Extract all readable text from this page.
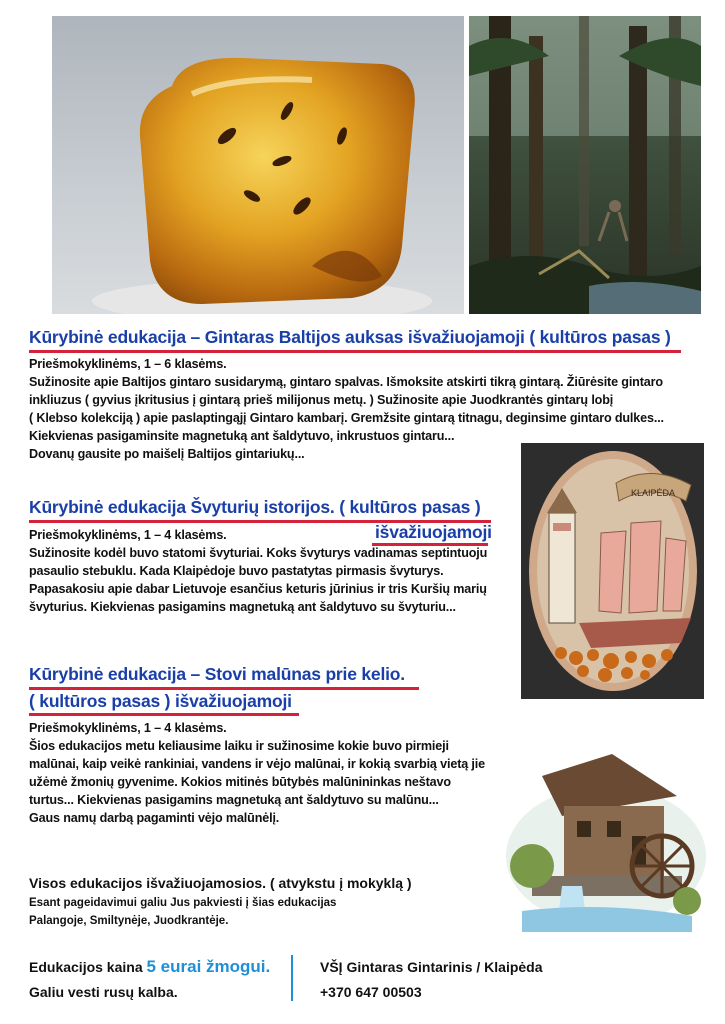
Kūrybinė edukacija – Gintaras Baltijos auksas išvažiuojamoji ( kultūros pasas )

Priešmokyklinėms, 1 – 6 klasėms.

Sužinosite apie Baltijos gintaro susidarymą, gintaro spalvas. Išmoksite atskirti tikrą gintarą. Žiūrėsite gintaro

inkliuzus ( gyvius įkritusius į gintarą prieš milijonus metų. ) Sužinosite apie Juodkrantės gintarų lobį

( Klebso kolekciją ) apie paslaptingąjį Gintaro kambarį. Gremžsite gintarą titnagu, deginsime gintaro dulkes...

Kiekvienas pasigaminsite magnetuką ant šaldytuvo, inkrustuos gintaru...

Dovanų gausite po maišelį Baltijos gintariukų...

KLAIPĖDA
Kūrybinė edukacija Švyturių istorijos. ( kultūros pasas )
išvažiuojamoji

Priešmokyklinėms, 1 – 4 klasėms.

Sužinosite kodėl buvo statomi švyturiai. Koks švyturys vadinamas septintuoju

pasaulio stebuklu. Kada Klaipėdoje buvo pastatytas pirmasis švyturys.

Papasakosiu apie dabar Lietuvoje esančius keturis jūrinius ir tris Kuršių marių

švyturius. Kiekvienas pasigamins magnetuką ant šaldytuvo su švyturiu...

Kūrybinė edukacija – Stovi malūnas prie kelio.
( kultūros pasas ) išvažiuojamoji

Priešmokyklinėms, 1 – 4 klasėms.

Šios edukacijos metu keliausime laiku ir sužinosime kokie buvo pirmieji

malūnai, kaip veikė rankiniai, vandens ir vėjo malūnai, ir kokią svarbią vietą jie

užėmė žmonių gyvenime. Kokios mitinės būtybės malūnininkas neštavo

turtus... Kiekvienas pasigamins magnetuką ant šaldytuvo su malūnu...

Gaus namų darbą pagaminti vėjo malūnėlį.

Visos edukacijos išvažiuojamosios. ( atvykstu į mokyklą )
Esant pageidavimui galiu Jus pakviesti į šias edukacijas
Palangoje, Smiltynėje, Juodkrantėje.
Edukacijos kaina 5 eurai žmogui.
Galiu vesti rusų kalba.
VŠĮ Gintaras Gintarinis / Klaipėda
+370 647 00503
